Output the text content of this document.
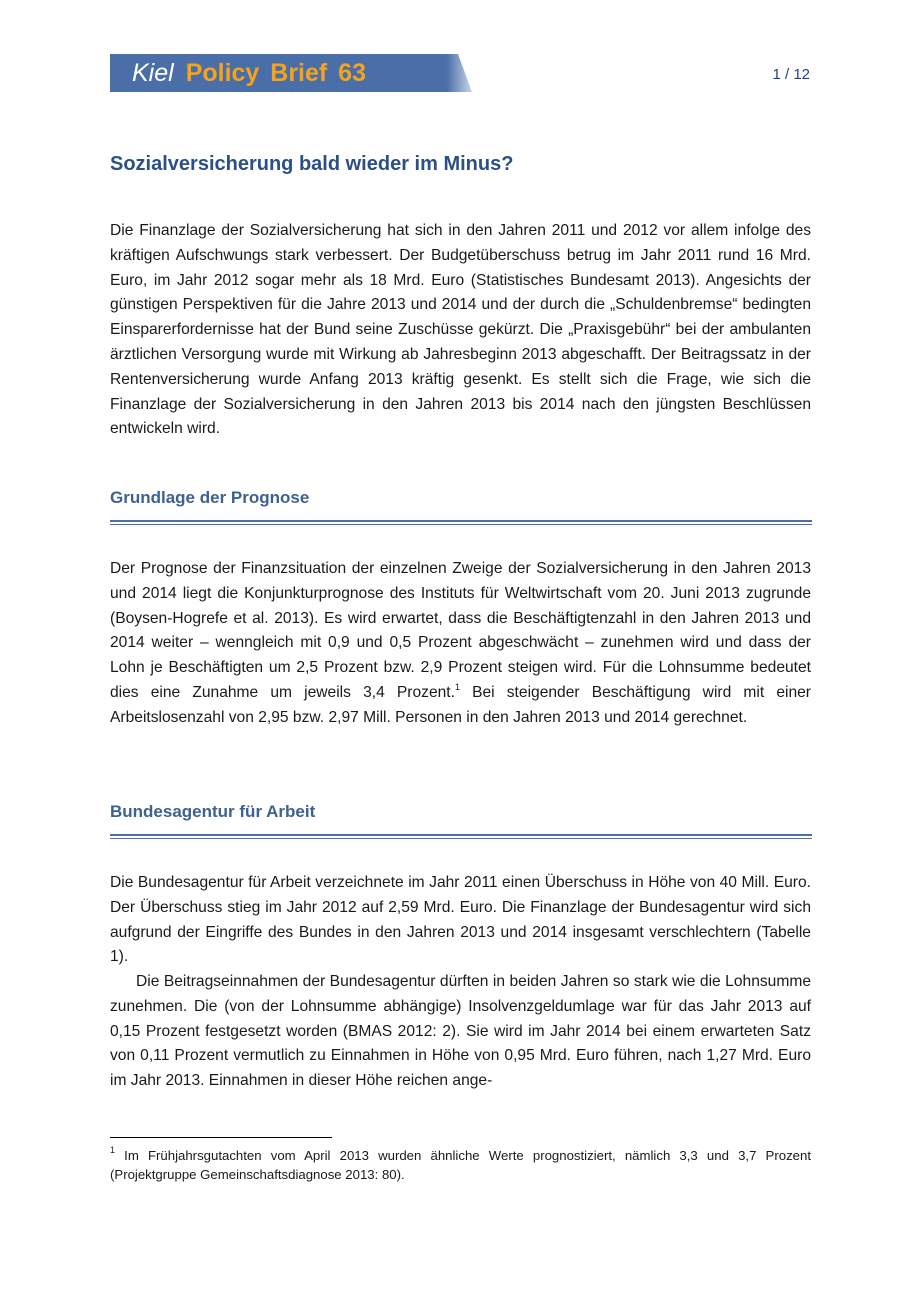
Kiel Policy Brief 63	1 / 12
Sozialversicherung bald wieder im Minus?

Die Finanzlage der Sozialversicherung hat sich in den Jahren 2011 und 2012 vor allem infolge des kräftigen Aufschwungs stark verbessert. Der Budgetüberschuss betrug im Jahr 2011 rund 16 Mrd. Euro, im Jahr 2012 sogar mehr als 18 Mrd. Euro (Statistisches Bundesamt 2013). Angesichts der günstigen Perspektiven für die Jahre 2013 und 2014 und der durch die „Schuldenbremse“ bedingten Einsparerfordernisse hat der Bund seine Zuschüsse gekürzt. Die „Praxisgebühr“ bei der ambulanten ärztlichen Versorgung wurde mit Wirkung ab Jahresbeginn 2013 abgeschafft. Der Beitragssatz in der Rentenversicherung wurde Anfang 2013 kräftig gesenkt. Es stellt sich die Frage, wie sich die Finanzlage der Sozialversicherung in den Jahren 2013 bis 2014 nach den jüngsten Beschlüssen entwickeln wird.

Grundlage der Prognose

Der Prognose der Finanzsituation der einzelnen Zweige der Sozialversicherung in den Jahren 2013 und 2014 liegt die Konjunkturprognose des Instituts für Weltwirtschaft vom 20. Juni 2013 zugrunde (Boysen-Hogrefe et al. 2013). Es wird erwartet, dass die Beschäftigtenzahl in den Jahren 2013 und 2014 weiter – wenngleich mit 0,9 und 0,5 Prozent abgeschwächt – zunehmen wird und dass der Lohn je Beschäftigten um 2,5 Prozent bzw. 2,9 Prozent steigen wird. Für die Lohnsumme bedeutet dies eine Zunahme um jeweils 3,4 Prozent.$^1$ Bei steigender Beschäftigung wird mit einer Arbeitslosenzahl von 2,95 bzw. 2,97 Mill. Personen in den Jahren 2013 und 2014 gerechnet.

Bundesagentur für Arbeit

Die Bundesagentur für Arbeit verzeichnete im Jahr 2011 einen Überschuss in Höhe von 40 Mill. Euro. Der Überschuss stieg im Jahr 2012 auf 2,59 Mrd. Euro. Die Finanzlage der Bundesagentur wird sich aufgrund der Eingriffe des Bundes in den Jahren 2013 und 2014 insgesamt verschlechtern (Tabelle 1).

Die Beitragseinnahmen der Bundesagentur dürften in beiden Jahren so stark wie die Lohnsumme zunehmen. Die (von der Lohnsumme abhängige) Insolvenzgeldumlage war für das Jahr 2013 auf 0,15 Prozent festgesetzt worden (BMAS 2012: 2). Sie wird im Jahr 2014 bei einem erwarteten Satz von 0,11 Prozent vermutlich zu Einnahmen in Höhe von 0,95 Mrd. Euro führen, nach 1,27 Mrd. Euro im Jahr 2013. Einnahmen in dieser Höhe reichen ange-

$^1$ Im Frühjahrsgutachten vom April 2013 wurden ähnliche Werte prognostiziert, nämlich 3,3 und 3,7 Prozent (Projektgruppe Gemeinschaftsdiagnose 2013: 80).
